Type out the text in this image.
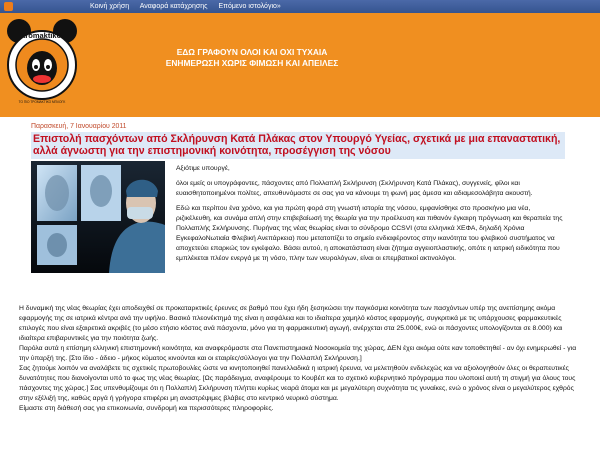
Κοινή χρήση Αναφορά κατάχρησης Επόμενο ιστολόγιο»
tromaktiko
ΤΟ ΠΙΟ ΤΡΟΜΑΚΤΙΚΟ ΜΠΛΟΓΚ
ΕΔΩ ΓΡΑΦΟΥΝ ΟΛΟΙ ΚΑΙ ΟΧΙ ΤΥΧΑΙΑ
ΕΝΗΜΕΡΩΣΗ ΧΩΡΙΣ ΦΙΜΩΣΗ ΚΑΙ ΑΠΕΙΛΕΣ
Παρασκευή, 7 Ιανουαρίου 2011
Επιστολή πασχόντων από Σκλήρυνση Κατά Πλάκας στον Υπουργό Υγείας, σχετικά με μια επαναστατική, αλλά άγνωστη για την επιστημονική κοινότητα, προσέγγιση της νόσου

Αξιότιμε υπουργέ,

όλοι εμείς οι υπογράφοντες, πάσχοντες από Πολλαπλή Σκλήρυνση (Σκλήρυνση Κατά Πλάκας), συγγενείς, φίλοι και ευαισθητοποιημένοι πολίτες, απευθυνόμαστε σε σας για να κάνουμε τη φωνή μας άμεσα και αδιαμεσολάβητα ακουστή.

Εδώ και περίπου ένα χρόνο, και για πρώτη φορά στη γνωστή ιστορία της νόσου, εμφανίσθηκε στο προσκήνιο μια νέα, ριζικέλευθη, και συνάμα απλή στην επιβεβαίωσή της θεωρία για την προέλευση και πιθανόν έγκαιρη πρόγνωση και θεραπεία της Πολλαπλής Σκλήρυνσης. Πυρήνας της νέας θεωρίας είναι το σύνδρομο CCSVI (στα ελληνικά ΧΕΦΑ, δηλαδή Χρόνια ΕγκεφαλοΝωτιαία Φλεβική Ανεπάρκεια) που μετατοπίζει το σημείο ενδιαφέροντος στην ικανότητα του φλεβικού συστήματος να αποχετεύει επαρκώς τον εγκέφαλο. Βάσει αυτού, η αποκατάσταση είναι ζήτημα αγγειοπλαστικής, οπότε η ιατρική ειδικότητα που εμπλέκεται πλέον ενεργά με τη νόσο, πλην των νευρολόγων, είναι οι επεμβατικοί ακτινολόγοι.

Η δυναμική της νέας θεωρίας έχει αποδειχθεί σε προκαταρκτικές έρευνες σε βαθμό που έχει ήδη ξεσηκώσει την παγκόσμια κοινότητα των πασχόντων υπέρ της ανεπίσημης ακόμα εφαρμογής της σε ιατρικά κέντρα ανά την υφήλιο. Βασικό πλεονέκτημά της είναι η ασφάλεια και το ιδιαίτερα χαμηλό κόστος εφαρμογής, συγκριτικά με τις υπάρχουσες φαρμακευτικές επιλογές που είναι εξαιρετικά ακριβές (το μέσο ετήσιο κόστος ανά πάσχοντα, μόνο για τη φαρμακευτική αγωγή, ανέρχεται στα 25.000€, ενώ οι πάσχοντες υπολογίζονται σε 8.000) και ιδιαίτερα επιβαρυντικές για την ποιότητα ζωής.

Παρόλα αυτά η επίσημη ελληνική επιστημονική κοινότητα, και αναφερόμαστε στα Πανεπιστημιακά Νοσοκομεία της χώρας, ΔΕΝ έχει ακόμα ούτε καν τοποθετηθεί - αν όχι ενημερωθεί - για την ύπαρξή της. [Στο ίδιο - άδειο - μήκος κύματος κινούνται και οι εταιρίες/σύλλογοι για την Πολλαπλή Σκλήρυνση.]

Σας ζητούμε λοιπόν να αναλάβετε τις σχετικές πρωτοβουλίες ώστε να κινητοποιηθεί πανελλαδικά η ιατρική έρευνα, να μελετηθούν ενδελεχώς και να αξιολογηθούν όλες οι θεραπευτικές δυνατότητες που διανοίγονται υπό το φως της νέας θεωρίας. [Ως παράδειγμα, αναφέρουμε το Κουβέιτ και το σχετικό κυβερνητικό πρόγραμμα που υλοποιεί αυτή τη στιγμή για όλους τους πάσχοντες της χώρας.] Σας υπενθυμίζουμε ότι η Πολλαπλή Σκλήρυνση πλήττει κυρίως νεαρά άτομα και με μεγαλύτερη συχνότητα τις γυναίκες, ενώ ο χρόνος είναι ο μεγαλύτερος εχθρός στην εξέλιξή της, καθώς αργά ή γρήγορα επιφέρει μη αναστρέψιμες βλάβες στο κεντρικό νευρικό σύστημα.

Είμαστε στη διάθεσή σας για επικοινωνία, συνδρομή και περισσότερες πληροφορίες.
